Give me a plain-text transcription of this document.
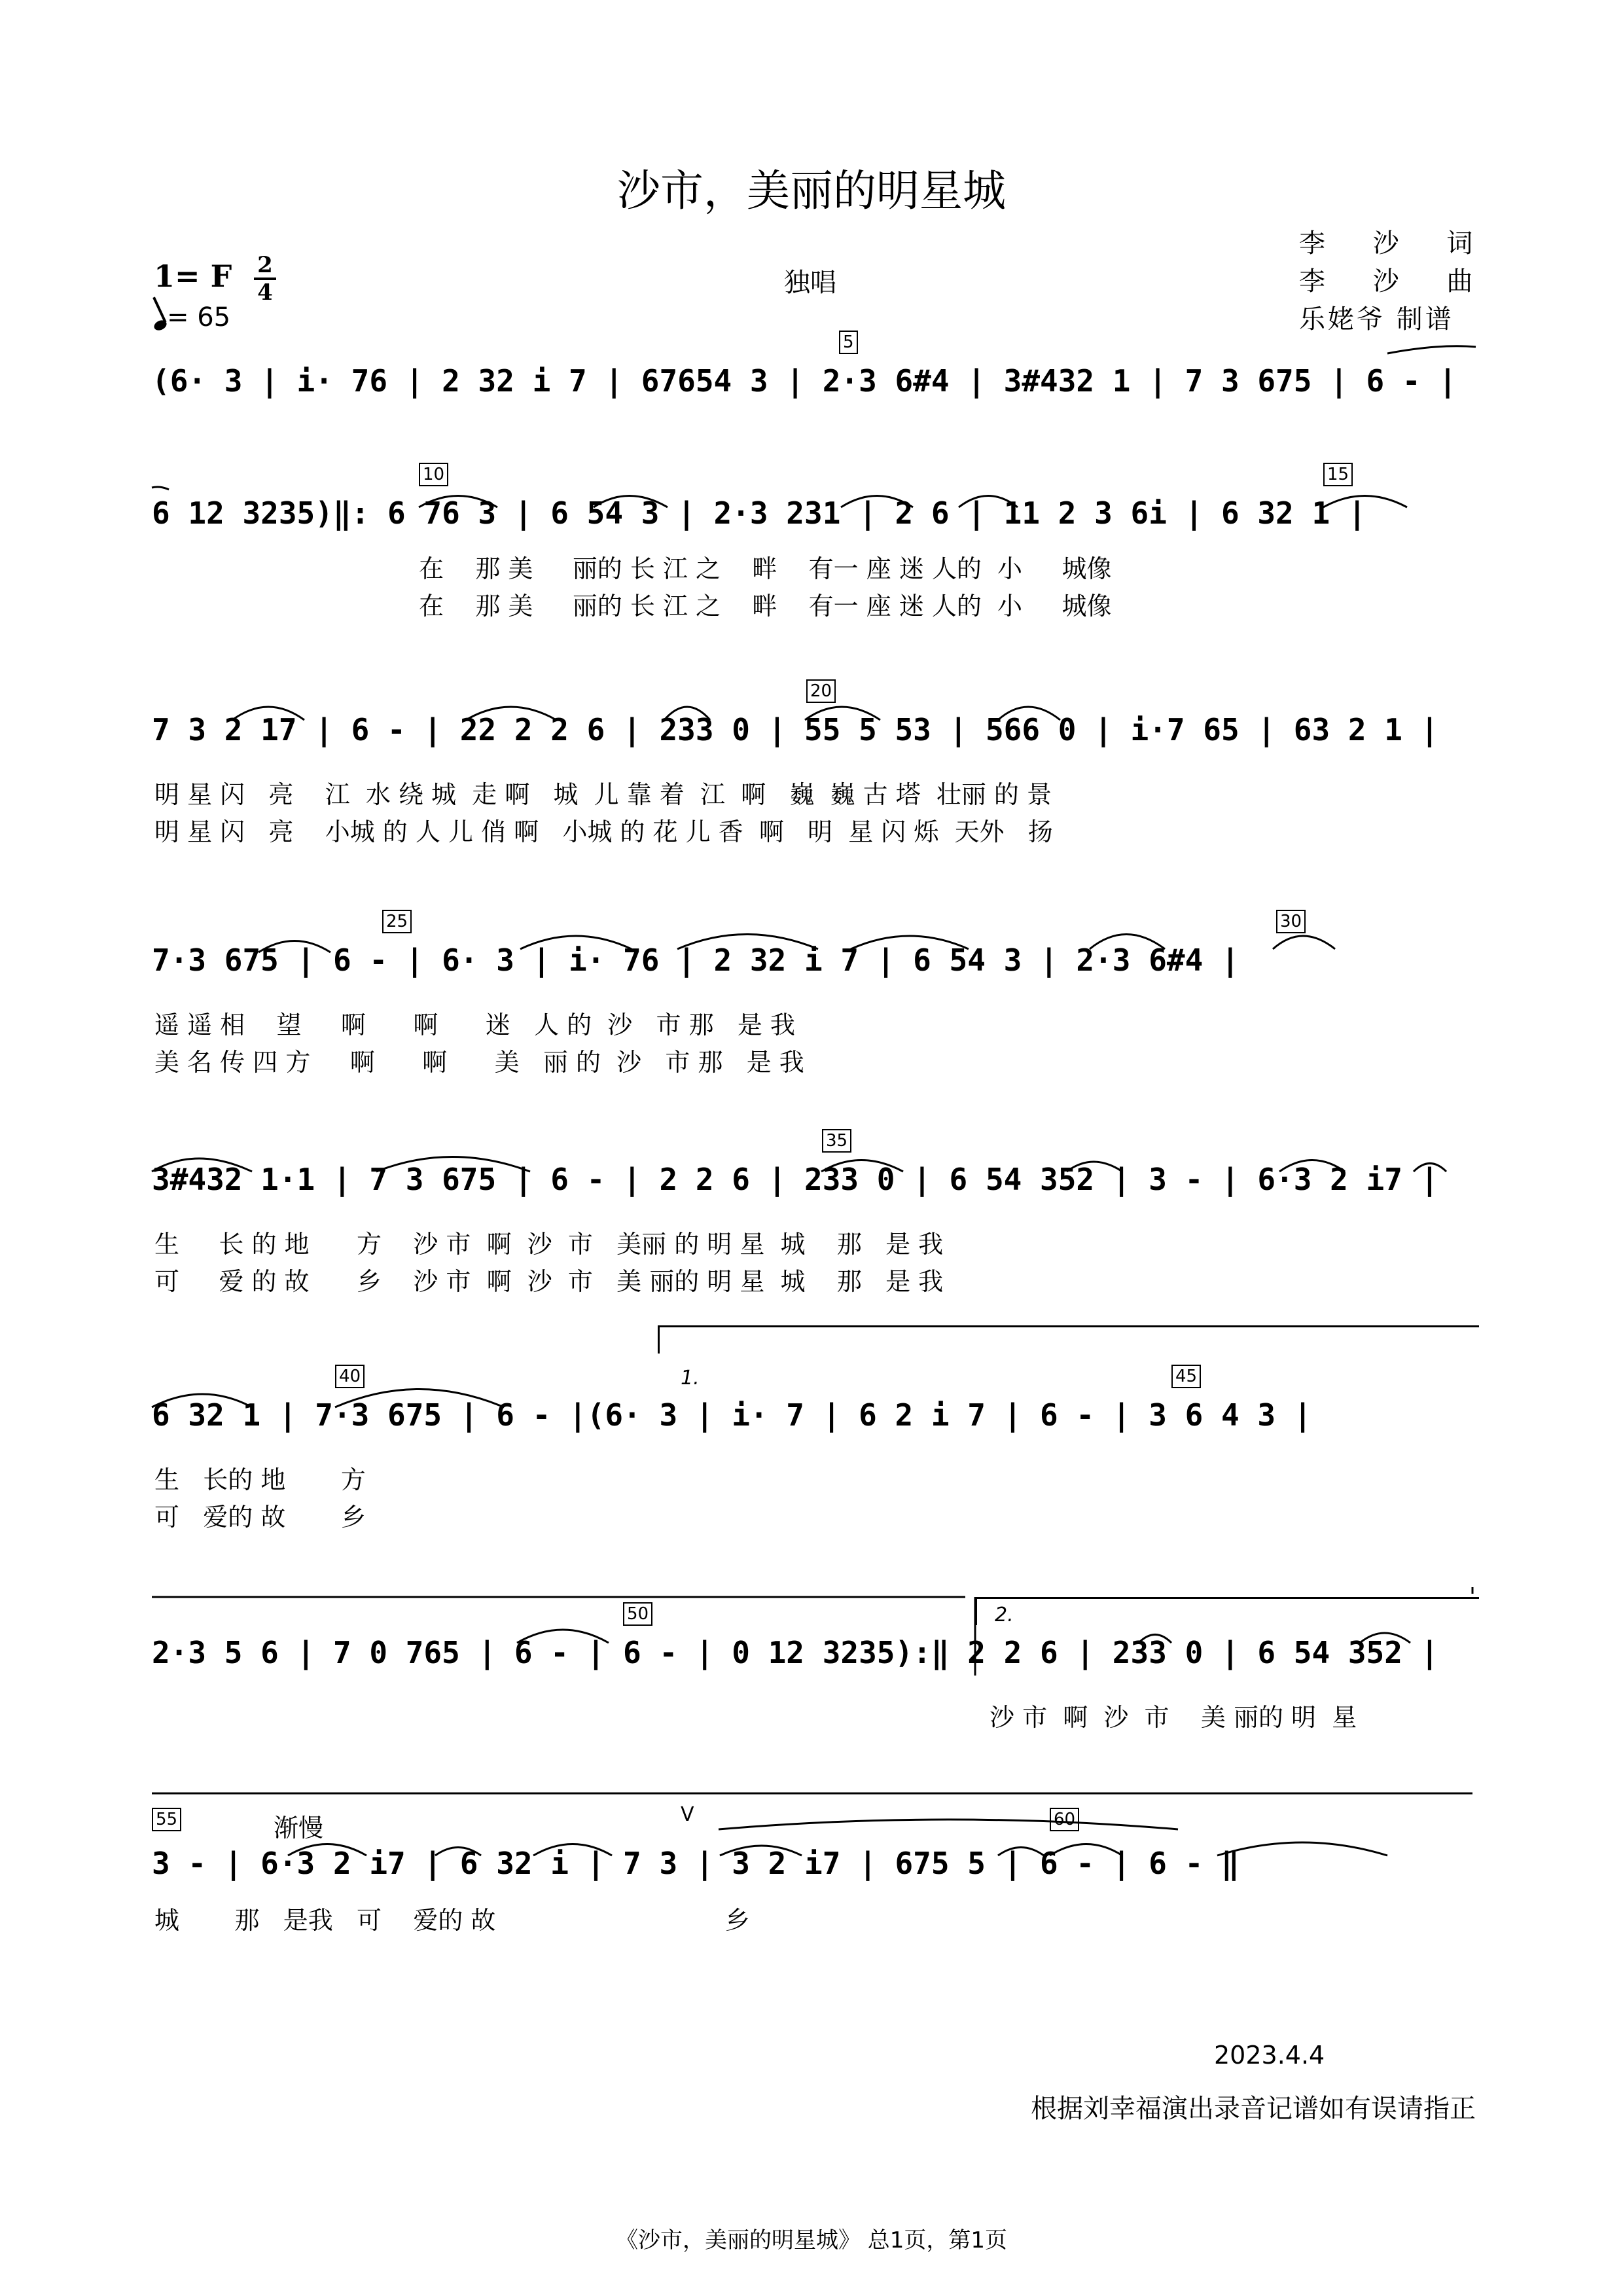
沙市，美丽的明星城
李 沙 词
李 沙 曲
乐姥爷 制谱
1= F 2
4
= 65
独唱
5
(6· 3 | i· 76 | 2 32 i 7 | 67654 3 | 2·3 6#4 | 3#432 1 | 7 3 675 | 6 - |
10	15
6 12 3235)‖: 6 76 3 | 6 54 3 | 2·3 231 | 2 6 | 11 2 3 6i | 6 32 1 |
在    那 美     丽的 长 江 之    畔    有一 座 迷 人的  小     城像
在    那 美     丽的 长 江 之    畔    有一 座 迷 人的  小     城像
20
7 3 2 17 | 6 - | 22 2 2 6 | 233 0 | 55 5 53 | 566 0 | i·7 65 | 63 2 1 |
明 星 闪   亮    江  水 绕 城  走 啊   城  儿 靠 着  江  啊   巍  巍 古 塔  壮丽 的 景
明 星 闪   亮    小城 的 人 儿 俏 啊   小城 的 花 儿 香  啊   明  星 闪 烁  天外   扬
25	30
7·3 675 | 6 - | 6· 3 | i· 76 | 2 32 i 7 | 6 54 3 | 2·3 6#4 |
遥 遥 相    望     啊      啊      迷   人 的  沙   市 那   是 我
美 名 传 四 方     啊      啊      美   丽 的  沙   市 那   是 我
35
3#432 1·1 | 7 3 675 | 6 - | 2 2 6 | 233 0 | 6 54 352 | 3 - | 6·3 2 i7 |
生     长 的 地      方    沙 市  啊  沙  市   美丽 的 明 星  城    那   是 我
可     爱 的 故      乡    沙 市  啊  沙  市   美 丽的 明 星  城    那   是 我
1.
40	45
6 32 1 | 7·3 675 | 6 - |(6· 3 | i· 7 | 6 2 i 7 | 6 - | 3 6 4 3 |
生   长的 地       方
可   爱的 故       乡
2.
50
2·3 5 6 | 7 0 765 | 6 - | 6 - | 0 12 3235):‖ 2 2 6 | 233 0 | 6 54 352 |
沙 市  啊  沙  市    美 丽的 明  星
55	渐慢	V	60
3 - | 6·3 2 i7 | 6 32 i | 7 3 | 3 2 i7 | 675 5 | 6 - | 6 - ‖
城       那   是我   可    爱的 故                             乡
2023.4.4
根据刘幸福演出录音记谱如有误请指正
《沙市，美丽的明星城》 总1页，第1页
